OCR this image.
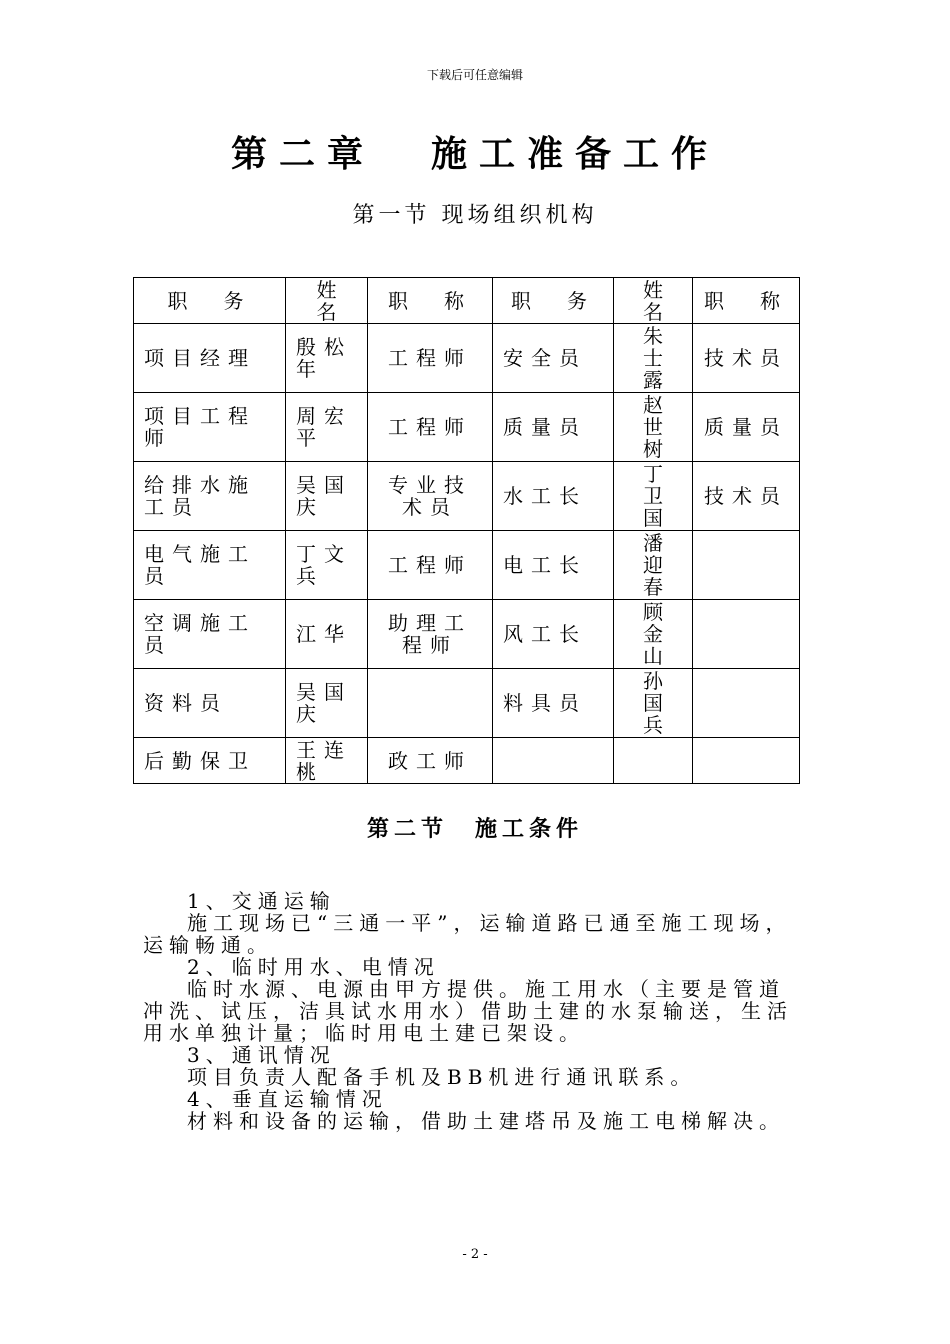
下载后可任意编辑
第二章 施工准备工作
第一节 现场组织机构
职　务	姓名	职　称	职　务	姓名	职　称
项目经理	殷松年	工程师	安全员	朱士露	技术员
项目工程师	周宏平	工程师	质量员	赵世树	质量员
给排水施工员	吴国庆	专业技术员	水工长	丁卫国	技术员
电气施工员	丁文兵	工程师	电工长	潘迎春	

空调施工员	江华	助理工程师	风工长	顾金山	

资料员	吴国庆		料具员	孙国兵	

后勤保卫	王连桃	政工师		

第二节　施工条件

1、交通运输

施工现场已“三通一平”，运输道路已通至施工现场，运输畅通。

2、临时用水、电情况

临时水源、电源由甲方提供。施工用水（主要是管道冲洗、试压，洁具试水用水）借助土建的水泵输送，生活用水单独计量；临时用电土建已架设。

3、通讯情况

项目负责人配备手机及BB机进行通讯联系。

4、垂直运输情况

材料和设备的运输，借助土建塔吊及施工电梯解决。

- 2 -
